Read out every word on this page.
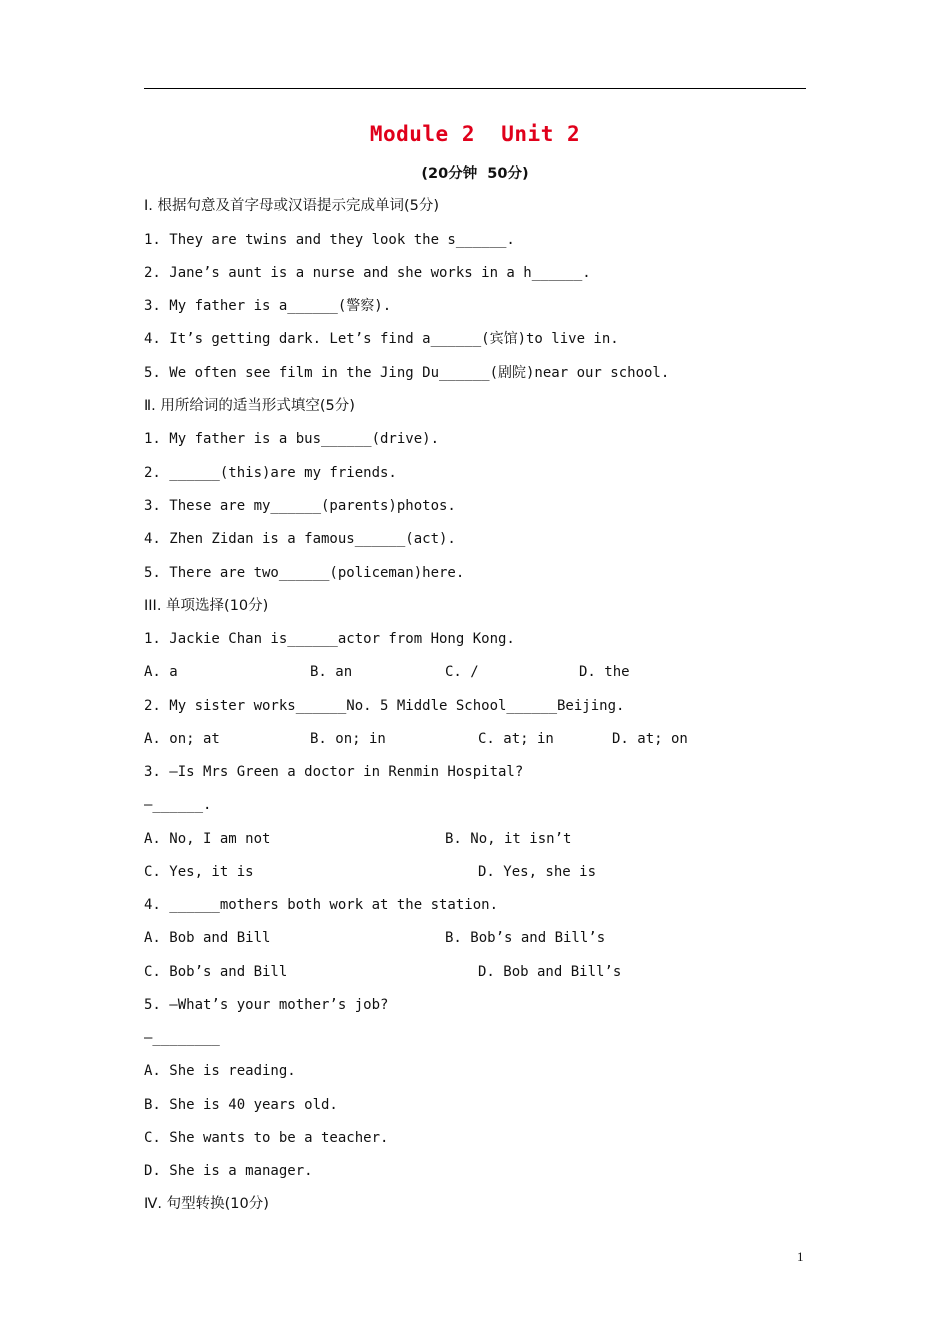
Module 2  Unit 2
(20分钟  50分)
Ⅰ. 根据句意及首字母或汉语提示完成单词(5分)
1. They are twins and they look the s______.
2. Jane’s aunt is a nurse and she works in a h______.
3. My father is a______(警察).
4. It’s getting dark. Let’s find a______(宾馆)to live in.
5. We often see film in the Jing Du______(剧院)near our school.
Ⅱ. 用所给词的适当形式填空(5分)
1. My father is a bus______(drive).
2. ______(this)are my friends.
3. These are my______(parents)photos.
4. Zhen Zidan is a famous______(act).
5. There are two______(policeman)here.
III. 单项选择(10分)
1. Jackie Chan is______actor from Hong Kong.
A. a	B. an	C. /	D. the
2. My sister works______No. 5 Middle School______Beijing.
A. on; at	B. on; in	C. at; in	D. at; on
3. —Is Mrs Green a doctor in Renmin Hospital?
—______.
A. No, I am not	B. No, it isn’t
C. Yes, it is	D. Yes, she is
4. ______mothers both work at the station.
A. Bob and Bill	B. Bob’s and Bill’s
C. Bob’s and Bill	D. Bob and Bill’s
5. —What’s your mother’s job?
—________
A. She is reading.
B. She is 40 years old.
C. She wants to be a teacher.
D. She is a manager.
Ⅳ. 句型转换(10分)
1
